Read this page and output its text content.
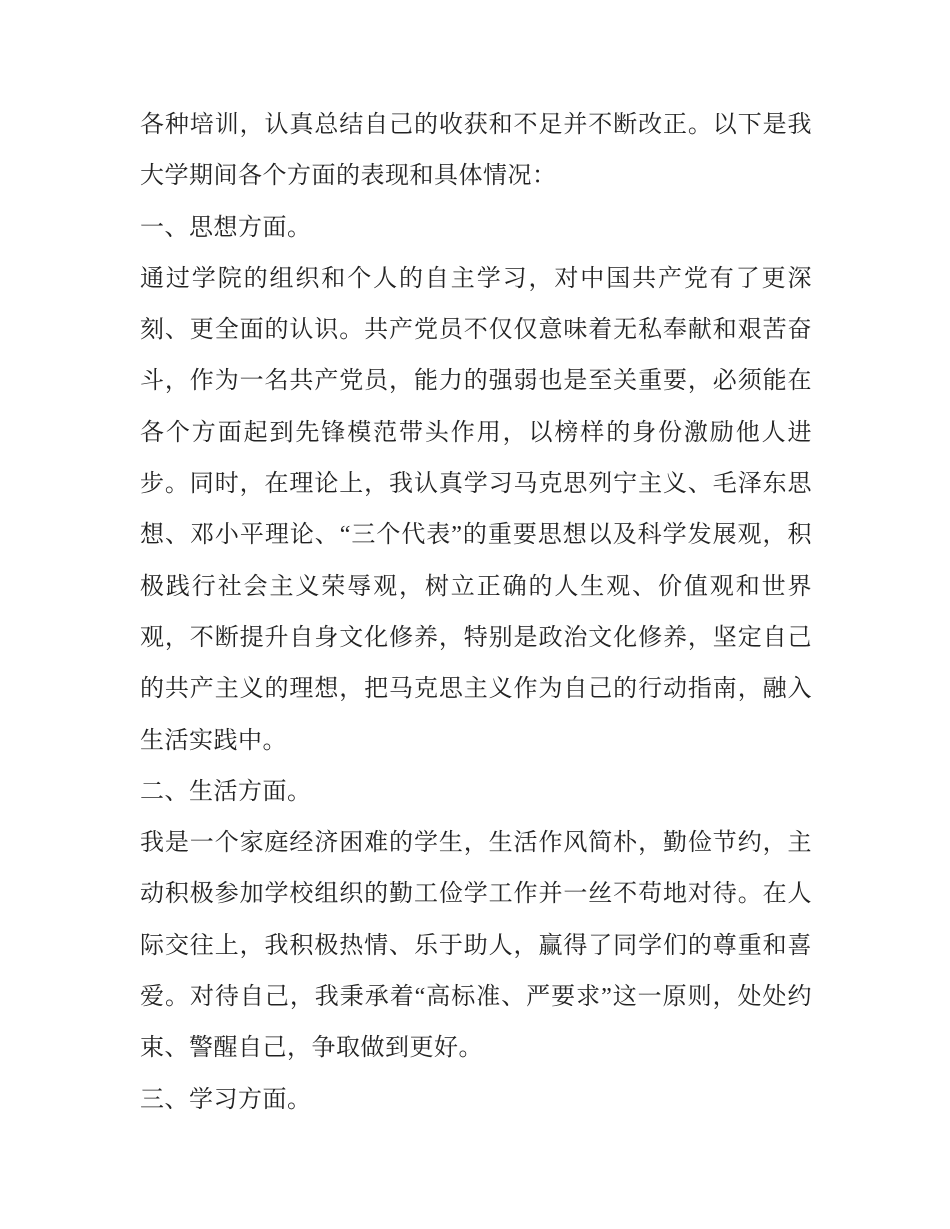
各种培训，认真总结自己的收获和不足并不断改正。以下是我
大学期间各个方面的表现和具体情况：
一、思想方面。
通过学院的组织和个人的自主学习，对中国共产党有了更深
刻、更全面的认识。共产党员不仅仅意味着无私奉献和艰苦奋
斗，作为一名共产党员，能力的强弱也是至关重要，必须能在
各个方面起到先锋模范带头作用，以榜样的身份激励他人进
步。同时，在理论上，我认真学习马克思列宁主义、毛泽东思
想、邓小平理论、“三个代表”的重要思想以及科学发展观，积
极践行社会主义荣辱观，树立正确的人生观、价值观和世界
观，不断提升自身文化修养，特别是政治文化修养，坚定自己
的共产主义的理想，把马克思主义作为自己的行动指南，融入
生活实践中。
二、生活方面。
我是一个家庭经济困难的学生，生活作风简朴，勤俭节约，主
动积极参加学校组织的勤工俭学工作并一丝不苟地对待。在人
际交往上，我积极热情、乐于助人，赢得了同学们的尊重和喜
爱。对待自己，我秉承着“高标准、严要求”这一原则，处处约
束、警醒自己，争取做到更好。
三、学习方面。
